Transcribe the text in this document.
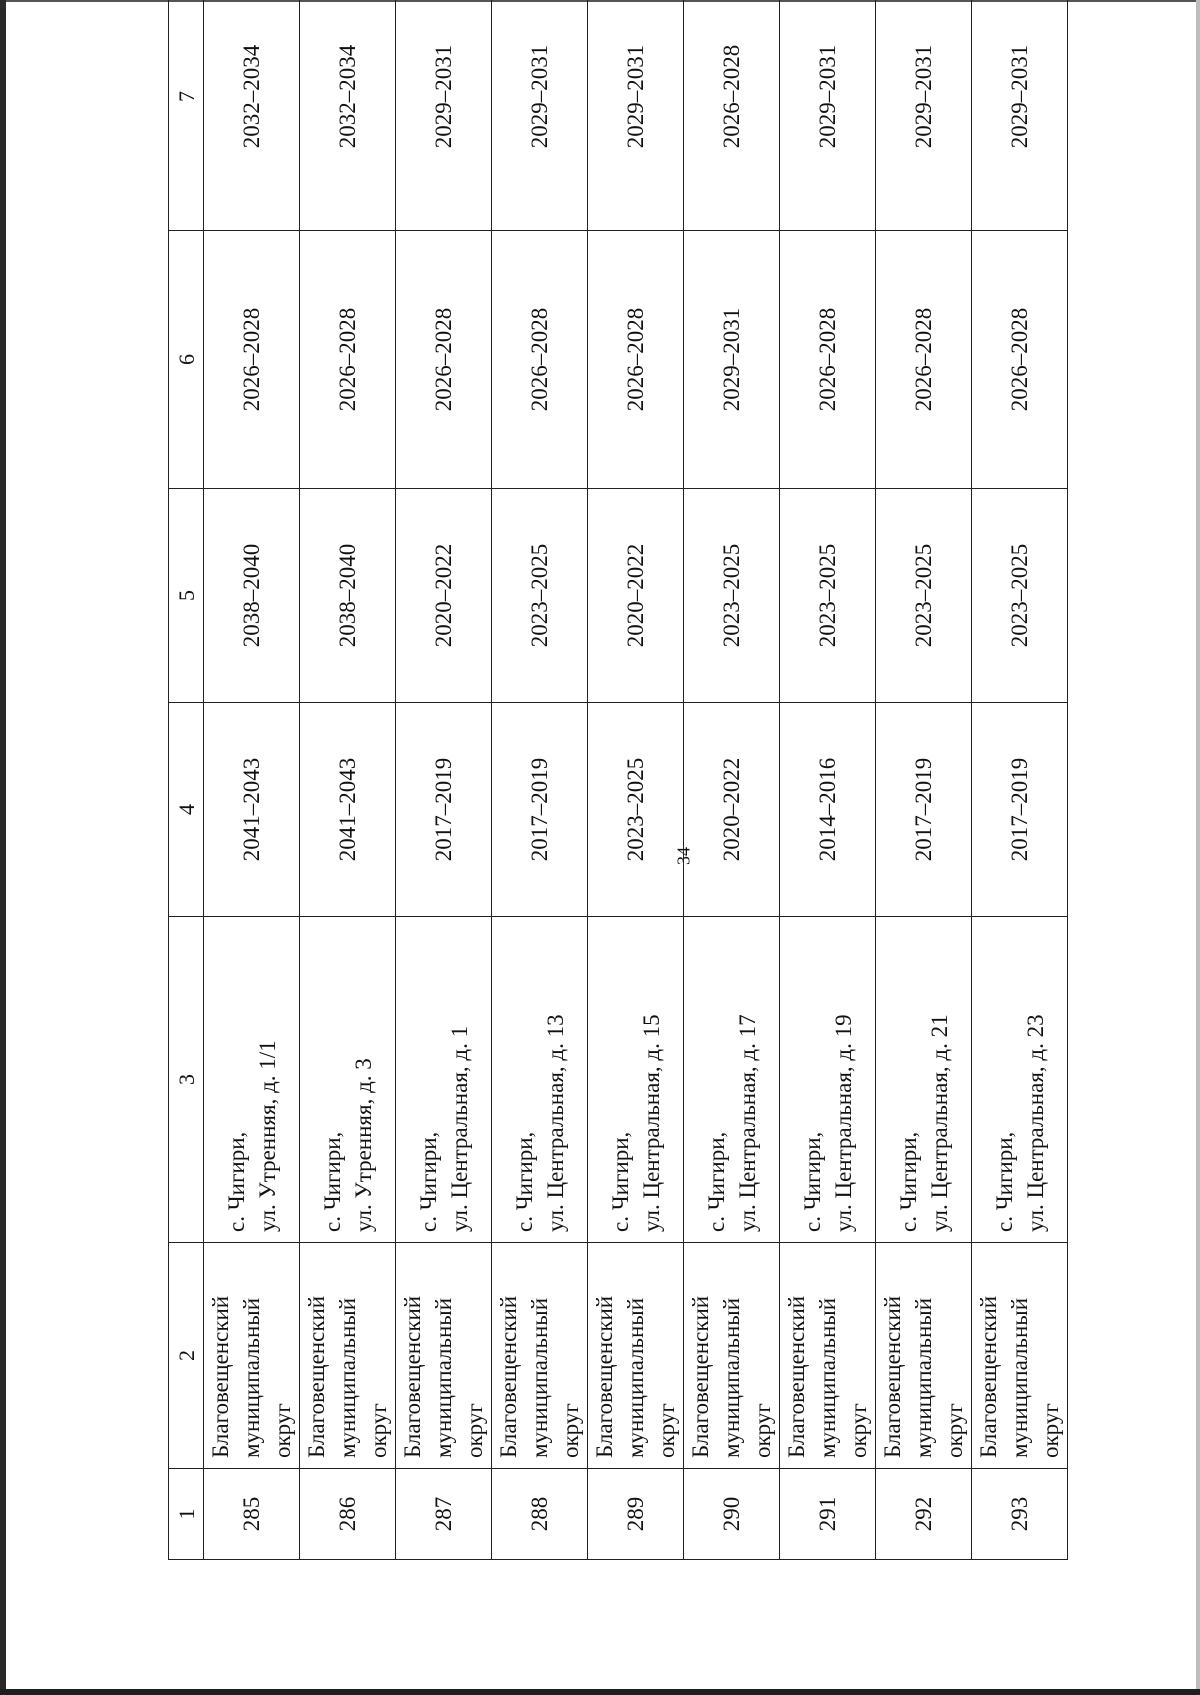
34
1	2	3	4	5	6	7
285	Благовещенский
муниципальный
округ	с. Чигири,
ул. Утренняя, д. 1/1	2041–2043	2038–2040	2026–2028	2032–2034
286	Благовещенский
муниципальный
округ	с. Чигири,
ул. Утренняя, д. 3	2041–2043	2038–2040	2026–2028	2032–2034
287	Благовещенский
муниципальный
округ	с. Чигири,
ул. Центральная, д. 1	2017–2019	2020–2022	2026–2028	2029–2031
288	Благовещенский
муниципальный
округ	с. Чигири,
ул. Центральная, д. 13	2017–2019	2023–2025	2026–2028	2029–2031
289	Благовещенский
муниципальный
округ	с. Чигири,
ул. Центральная, д. 15	2023–2025	2020–2022	2026–2028	2029–2031
290	Благовещенский
муниципальный
округ	с. Чигири,
ул. Центральная, д. 17	2020–2022	2023–2025	2029–2031	2026–2028
291	Благовещенский
муниципальный
округ	с. Чигири,
ул. Центральная, д. 19	2014–2016	2023–2025	2026–2028	2029–2031
292	Благовещенский
муниципальный
округ	с. Чигири,
ул. Центральная, д. 21	2017–2019	2023–2025	2026–2028	2029–2031
293	Благовещенский
муниципальный
округ	с. Чигири,
ул. Центральная, д. 23	2017–2019	2023–2025	2026–2028	2029–2031
